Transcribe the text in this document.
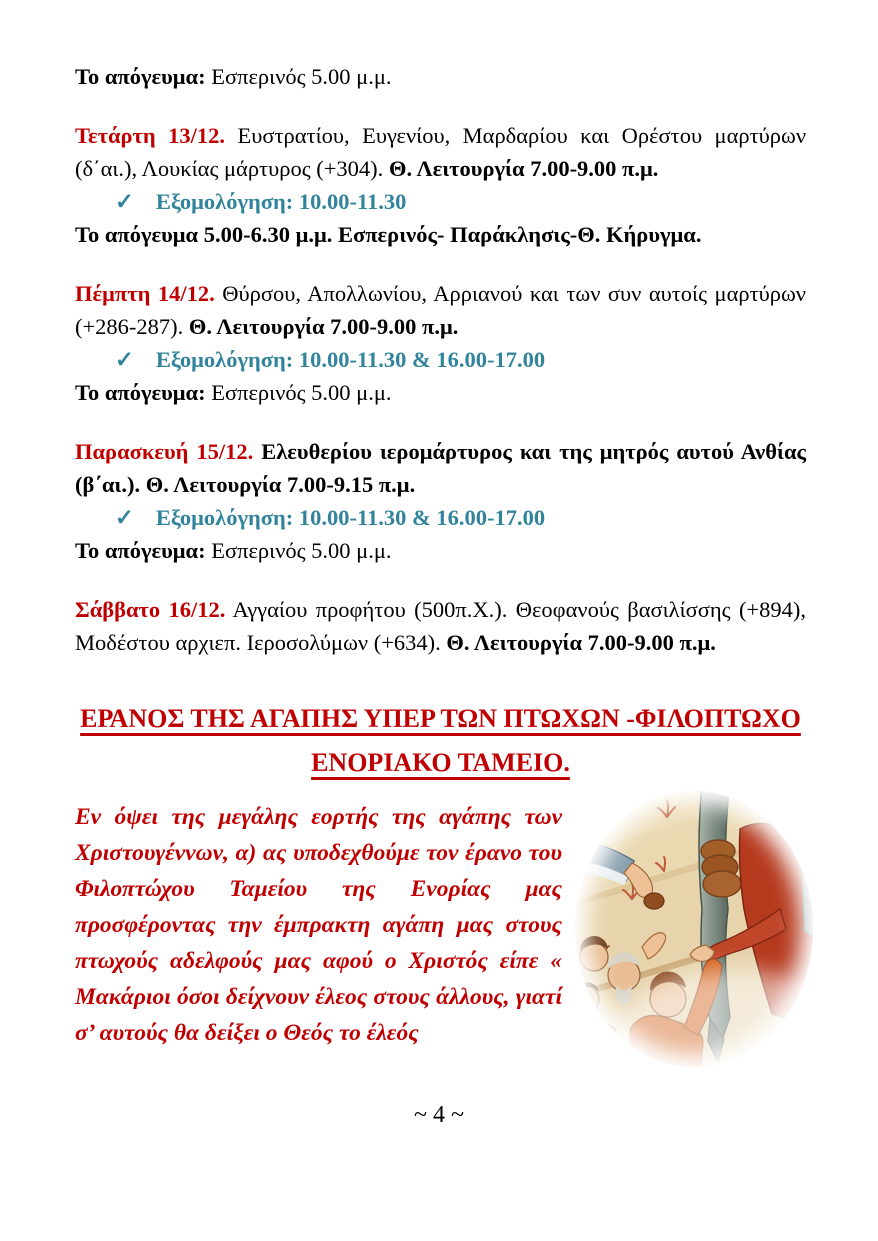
Το απόγευμα: Εσπερινός 5.00 μ.μ.

Τετάρτη 13/12. Ευστρατίου, Ευγενίου, Μαρδαρίου και Ορέστου μαρτύρων (δ΄αι.), Λουκίας μάρτυρος (+304). Θ. Λειτουργία 7.00-9.00 π.μ.

✓ Εξομολόγηση: 10.00-11.30

Το απόγευμα 5.00-6.30 μ.μ. Εσπερινός- Παράκλησις-Θ. Κήρυγμα.

Πέμπτη 14/12. Θύρσου, Απολλωνίου, Αρριανού και των συν αυτοίς μαρτύρων (+286-287). Θ. Λειτουργία 7.00-9.00 π.μ.

✓ Εξομολόγηση: 10.00-11.30 & 16.00-17.00

Το απόγευμα: Εσπερινός 5.00 μ.μ.

Παρασκευή 15/12. Ελευθερίου ιερομάρτυρος και της μητρός αυτού Ανθίας (β΄αι.). Θ. Λειτουργία 7.00-9.15 π.μ.

✓ Εξομολόγηση: 10.00-11.30 & 16.00-17.00

Το απόγευμα: Εσπερινός 5.00 μ.μ.

Σάββατο 16/12. Αγγαίου προφήτου (500π.Χ.). Θεοφανούς βασιλίσσης (+894), Μοδέστου αρχιεπ. Ιεροσολύμων (+634). Θ. Λειτουργία 7.00-9.00 π.μ.

ΕΡΑΝΟΣ ΤΗΣ ΑΓΑΠΗΣ ΥΠΕΡ ΤΩΝ ΠΤΩΧΩΝ -ΦΙΛΟΠΤΩΧΟ
ΕΝΟΡΙΑΚΟ ΤΑΜΕΙΟ.

Εν όψει της μεγάλης εορτής της αγάπης των Χριστουγέννων, α) ας υποδεχθούμε τον έρανο του Φιλοπτώχου Ταμείου της Ενορίας μας προσφέροντας την έμπρακτη αγάπη μας στους πτωχούς αδελφούς μας αφού ο Χριστός είπε « Μακάριοι όσοι δείχνουν έλεος στους άλλους, γιατί σ’ αυτούς θα δείξει ο Θεός το έλεός

~ 4 ~
